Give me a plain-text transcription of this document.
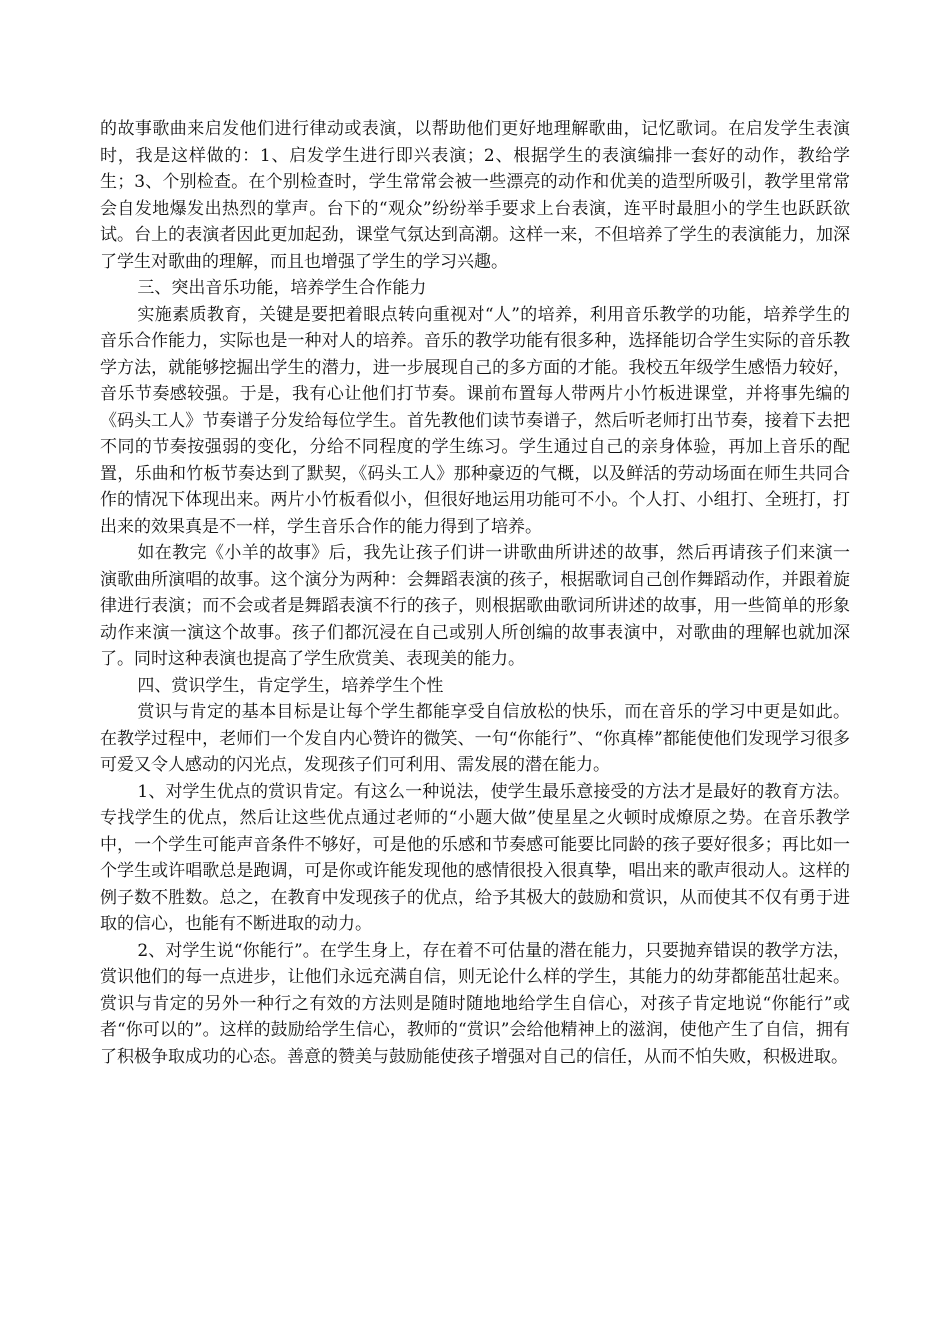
的故事歌曲来启发他们进行律动或表演，以帮助他们更好地理解歌曲，记忆歌词。在启发学生表演时，我是这样做的：1、启发学生进行即兴表演；2、根据学生的表演编排一套好的动作，教给学生；3、个别检查。在个别检查时，学生常常会被一些漂亮的动作和优美的造型所吸引，教学里常常会自发地爆发出热烈的掌声。台下的“观众”纷纷举手要求上台表演，连平时最胆小的学生也跃跃欲试。台上的表演者因此更加起劲，课堂气氛达到高潮。这样一来，不但培养了学生的表演能力，加深了学生对歌曲的理解，而且也增强了学生的学习兴趣。

三、突出音乐功能，培养学生合作能力

实施素质教育，关键是要把着眼点转向重视对“人”的培养，利用音乐教学的功能，培养学生的音乐合作能力，实际也是一种对人的培养。音乐的教学功能有很多种，选择能切合学生实际的音乐教学方法，就能够挖掘出学生的潜力，进一步展现自己的多方面的才能。我校五年级学生感悟力较好，音乐节奏感较强。于是，我有心让他们打节奏。课前布置每人带两片小竹板进课堂，并将事先编的《码头工人》节奏谱子分发给每位学生。首先教他们读节奏谱子，然后听老师打出节奏，接着下去把不同的节奏按强弱的变化，分给不同程度的学生练习。学生通过自己的亲身体验，再加上音乐的配置，乐曲和竹板节奏达到了默契，《码头工人》那种豪迈的气概，以及鲜活的劳动场面在师生共同合作的情况下体现出来。两片小竹板看似小，但很好地运用功能可不小。个人打、小组打、全班打，打出来的效果真是不一样，学生音乐合作的能力得到了培养。

如在教完《小羊的故事》后，我先让孩子们讲一讲歌曲所讲述的故事，然后再请孩子们来演一演歌曲所演唱的故事。这个演分为两种：会舞蹈表演的孩子，根据歌词自己创作舞蹈动作，并跟着旋律进行表演；而不会或者是舞蹈表演不行的孩子，则根据歌曲歌词所讲述的故事，用一些简单的形象动作来演一演这个故事。孩子们都沉浸在自己或别人所创编的故事表演中，对歌曲的理解也就加深了。同时这种表演也提高了学生欣赏美、表现美的能力。

四、赏识学生，肯定学生，培养学生个性

赏识与肯定的基本目标是让每个学生都能享受自信放松的快乐，而在音乐的学习中更是如此。在教学过程中，老师们一个发自内心赞许的微笑、一句“你能行”、“你真棒”都能使他们发现学习很多可爱又令人感动的闪光点，发现孩子们可利用、需发展的潜在能力。

1、对学生优点的赏识肯定。有这么一种说法，使学生最乐意接受的方法才是最好的教育方法。专找学生的优点，然后让这些优点通过老师的“小题大做”使星星之火顿时成燎原之势。在音乐教学中，一个学生可能声音条件不够好，可是他的乐感和节奏感可能要比同龄的孩子要好很多；再比如一个学生或许唱歌总是跑调，可是你或许能发现他的感情很投入很真挚，唱出来的歌声很动人。这样的例子数不胜数。总之，在教育中发现孩子的优点，给予其极大的鼓励和赏识，从而使其不仅有勇于进取的信心，也能有不断进取的动力。

2、对学生说“你能行”。在学生身上，存在着不可估量的潜在能力，只要抛弃错误的教学方法，赏识他们的每一点进步，让他们永远充满自信，则无论什么样的学生，其能力的幼芽都能茁壮起来。赏识与肯定的另外一种行之有效的方法则是随时随地地给学生自信心，对孩子肯定地说“你能行”或者“你可以的”。这样的鼓励给学生信心，教师的“赏识”会给他精神上的滋润，使他产生了自信，拥有了积极争取成功的心态。善意的赞美与鼓励能使孩子增强对自己的信任，从而不怕失败，积极进取。
